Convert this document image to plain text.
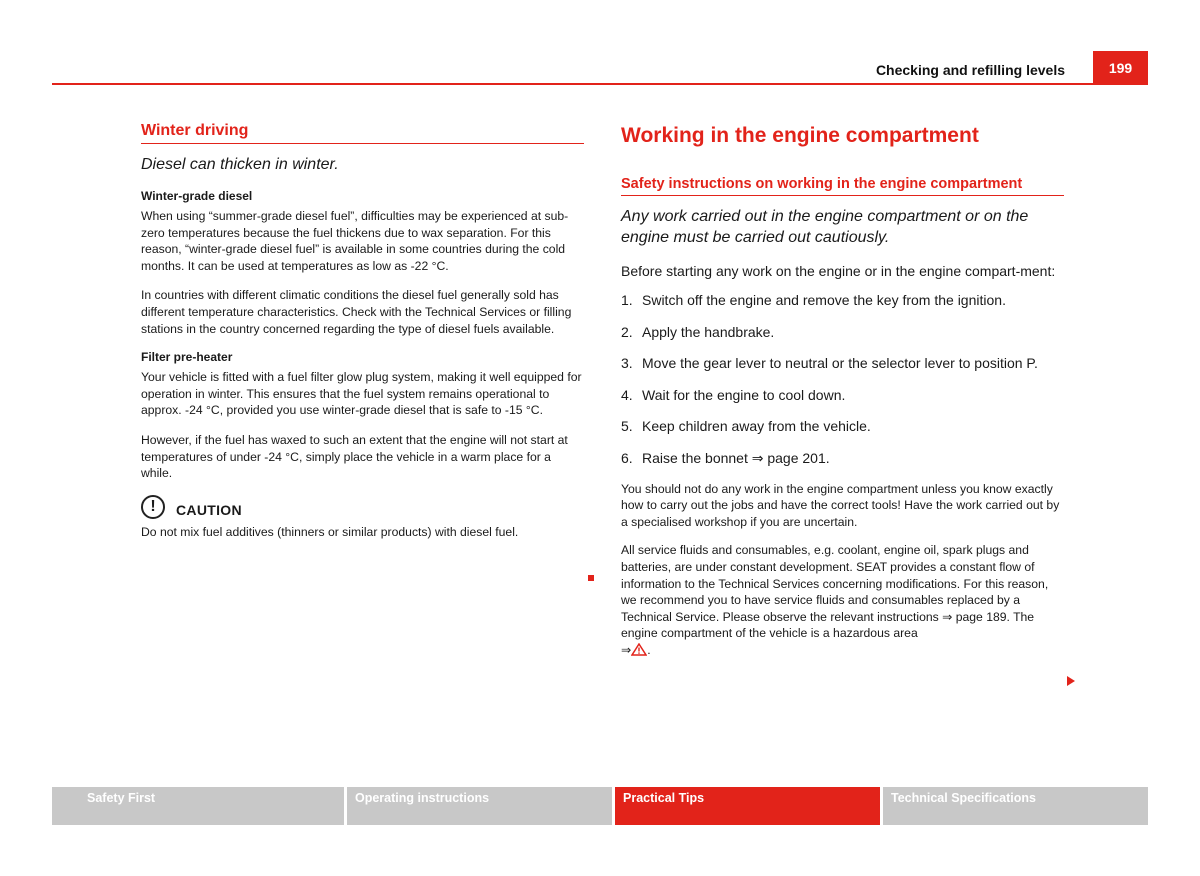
Checking and refilling levels	199
Winter driving
Diesel can thicken in winter.
Winter-grade diesel
When using “summer-grade diesel fuel”, difficulties may be experienced at sub-zero temperatures because the fuel thickens due to wax separation. For this reason, “winter-grade diesel fuel” is available in some countries during the cold months. It can be used at temperatures as low as -22 °C.
In countries with different climatic conditions the diesel fuel generally sold has different temperature characteristics. Check with the Technical Services or filling stations in the country concerned regarding the type of diesel fuels available.
Filter pre-heater
Your vehicle is fitted with a fuel filter glow plug system, making it well equipped for operation in winter. This ensures that the fuel system remains operational to approx. -24 °C, provided you use winter-grade diesel that is safe to -15 °C.
However, if the fuel has waxed to such an extent that the engine will not start at temperatures of under -24 °C, simply place the vehicle in a warm place for a while.
!	CAUTION
Do not mix fuel additives (thinners or similar products) with diesel fuel.
Working in the engine compartment
Safety instructions on working in the engine compartment
Any work carried out in the engine compartment or on the engine must be carried out cautiously.
Before starting any work on the engine or in the engine compart-ment:
1. Switch off the engine and remove the key from the ignition.
2. Apply the handbrake.
3. Move the gear lever to neutral or the selector lever to position P.
4. Wait for the engine to cool down.
5. Keep children away from the vehicle.
6. Raise the bonnet ⇒ page 201.
You should not do any work in the engine compartment unless you know exactly how to carry out the jobs and have the correct tools! Have the work carried out by a specialised workshop if you are uncertain.
All service fluids and consumables, e.g. coolant, engine oil, spark plugs and batteries, are under constant development. SEAT provides a constant flow of information to the Technical Services concerning modifications. For this reason, we recommend you to have service fluids and consumables replaced by a Technical Service. Please observe the relevant instructions ⇒ page 189. The engine compartment of the vehicle is a hazardous area
⇒ .
Safety First	Operating instructions	Practical Tips	Technical Specifications
